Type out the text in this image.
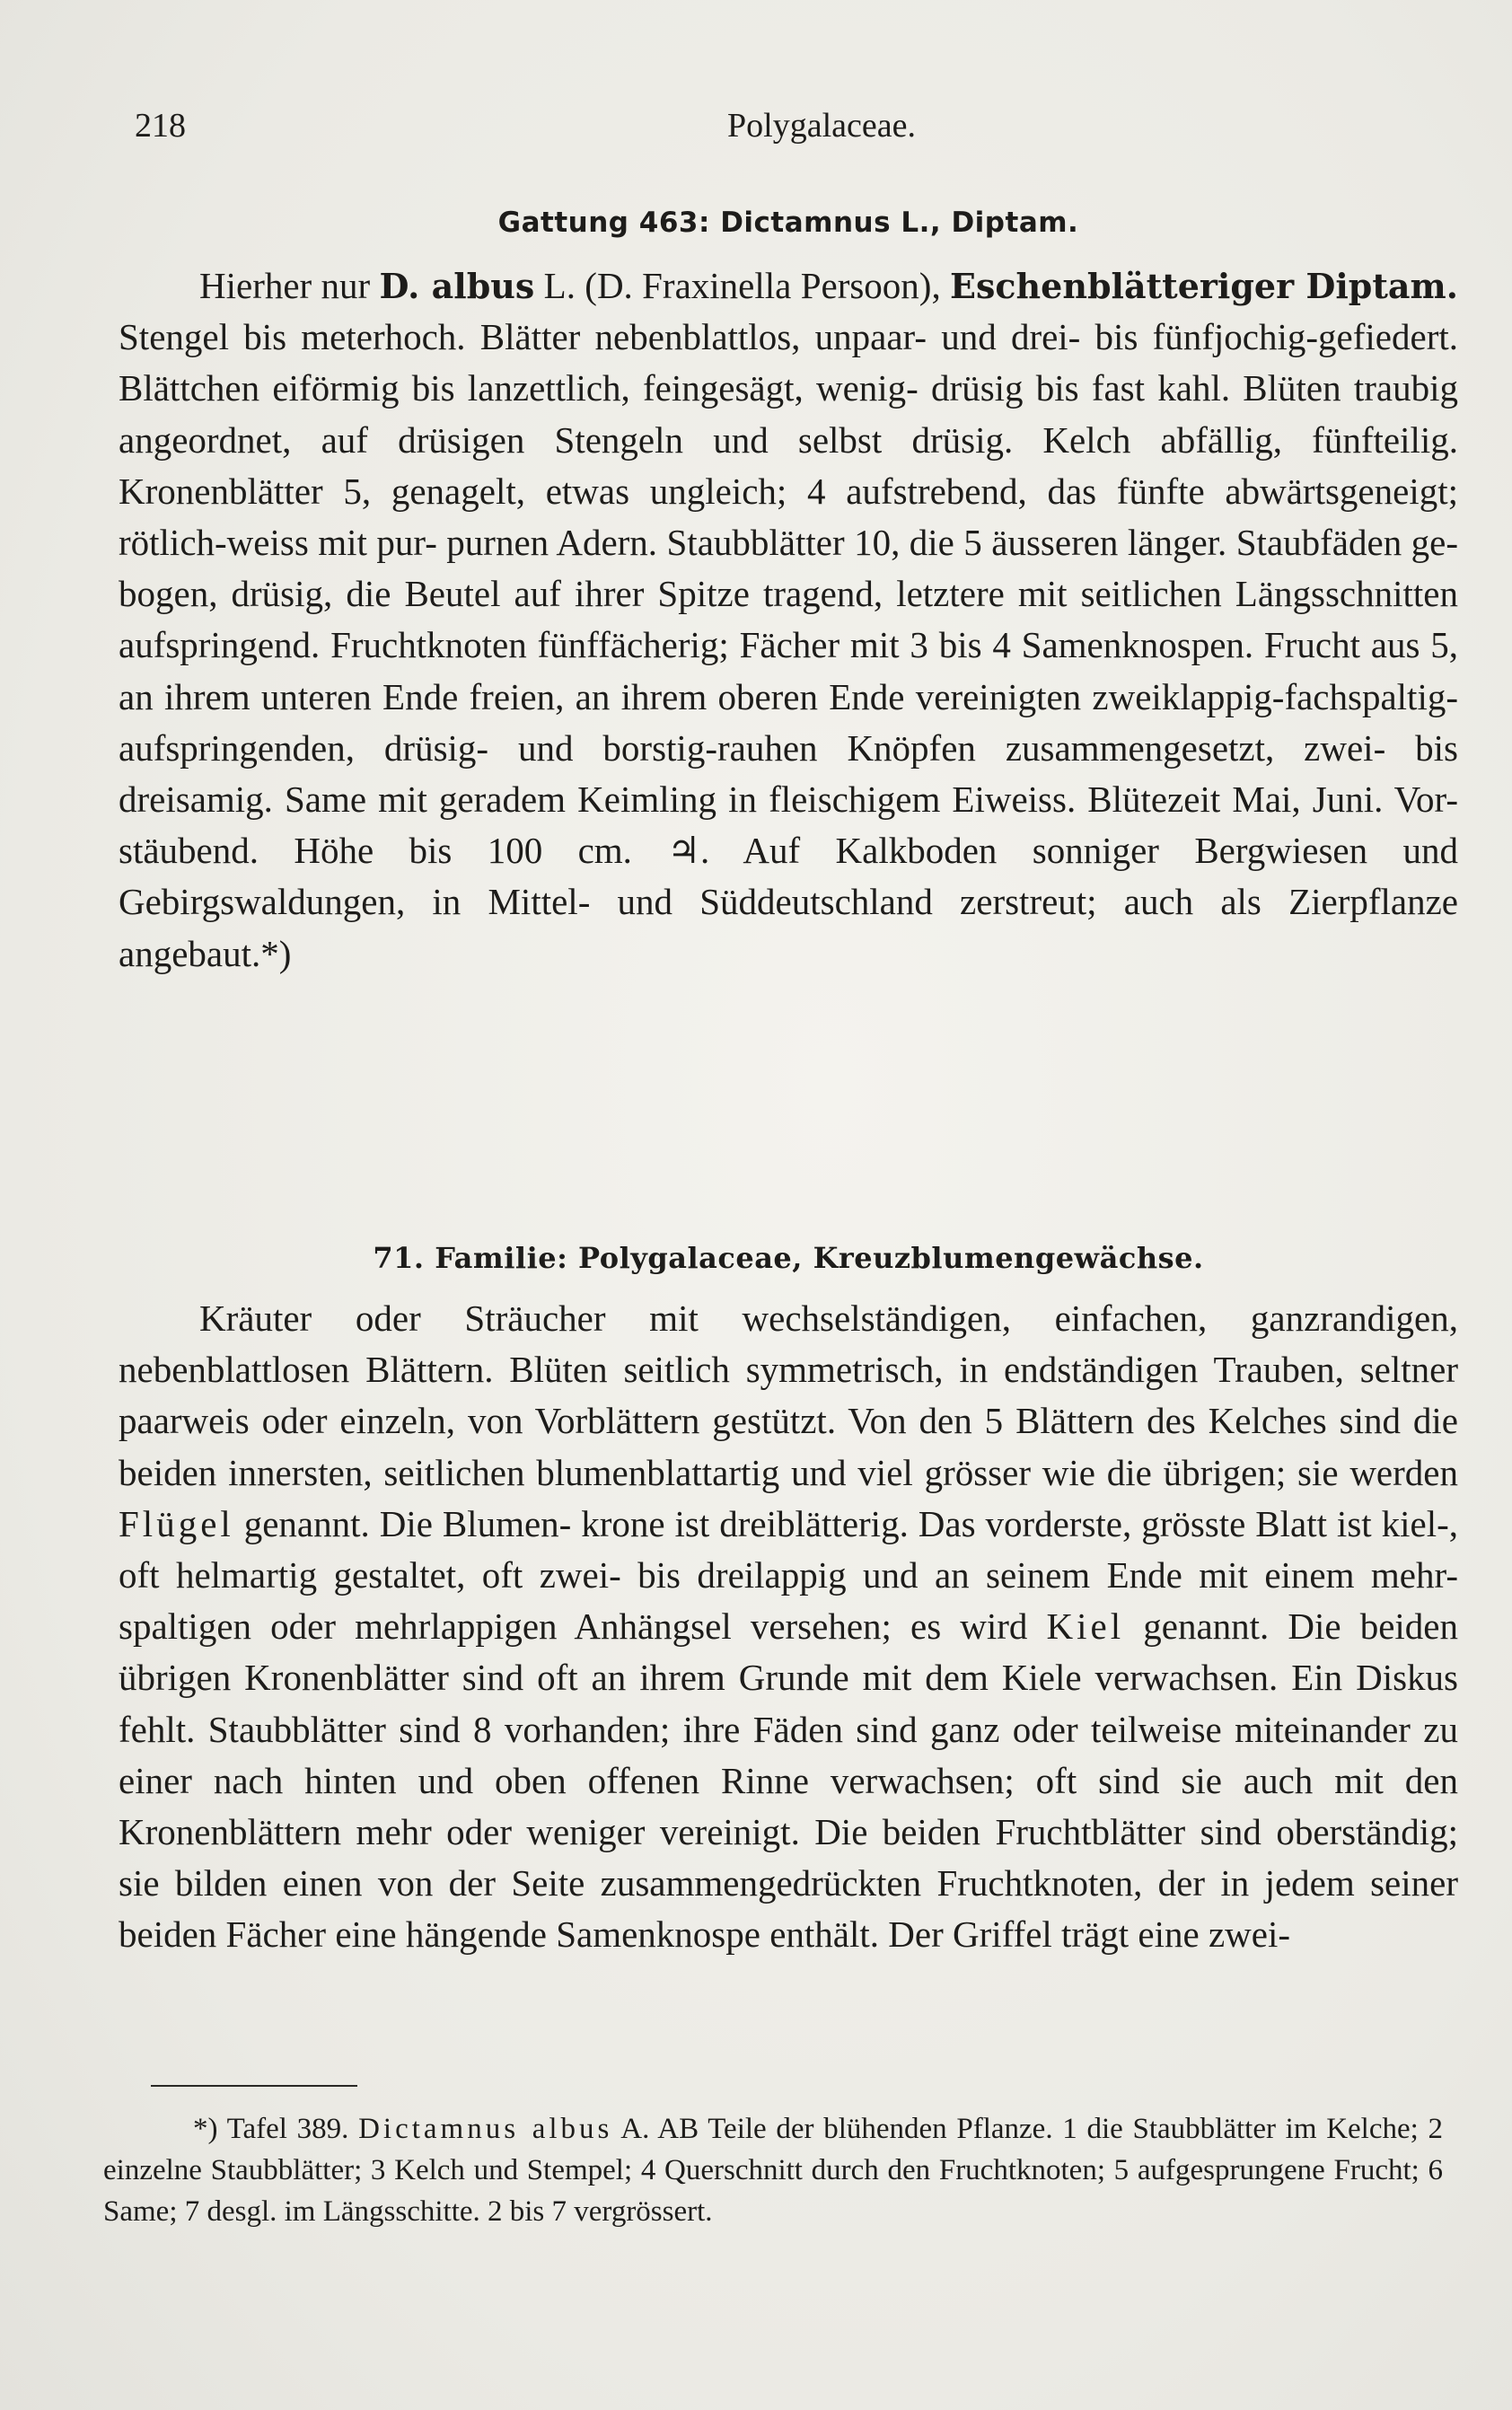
218	Polygalaceae.
Gattung 463: Dictamnus L., Diptam.

Hierher nur D. albus L. (D. Fraxinella Persoon), Eschenblätteriger Diptam. Stengel bis meterhoch. Blätter nebenblattlos, unpaar- und drei- bis fünfjochig-gefiedert. Blättchen eiförmig bis lanzettlich, feingesägt, wenig- drüsig bis fast kahl. Blüten traubig angeordnet, auf drüsigen Stengeln und selbst drüsig. Kelch abfällig, fünfteilig. Kronenblätter 5, genagelt, etwas ungleich; 4 aufstrebend, das fünfte abwärtsgeneigt; rötlich-weiss mit pur- purnen Adern. Staubblätter 10, die 5 äusseren länger. Staubfäden ge- bogen, drüsig, die Beutel auf ihrer Spitze tragend, letztere mit seitlichen Längsschnitten aufspringend. Fruchtknoten fünffächerig; Fächer mit 3 bis 4 Samenknospen. Frucht aus 5, an ihrem unteren Ende freien, an ihrem oberen Ende vereinigten zweiklappig-fachspaltig-aufspringenden, drüsig- und borstig-rauhen Knöpfen zusammengesetzt, zwei- bis dreisamig. Same mit geradem Keimling in fleischigem Eiweiss. Blütezeit Mai, Juni. Vor- stäubend. Höhe bis 100 cm. ♃. Auf Kalkboden sonniger Bergwiesen und Gebirgswaldungen, in Mittel- und Süddeutschland zerstreut; auch als Zierpflanze angebaut.*)

71. Familie: Polygalaceae, Kreuzblumengewächse.

Kräuter oder Sträucher mit wechselständigen, einfachen, ganzrandigen, nebenblattlosen Blättern. Blüten seitlich symmetrisch, in endständigen Trauben, seltner paarweis oder einzeln, von Vorblättern gestützt. Von den 5 Blättern des Kelches sind die beiden innersten, seitlichen blumenblattartig und viel grösser wie die übrigen; sie werden Flügel genannt. Die Blumen- krone ist dreiblätterig. Das vorderste, grösste Blatt ist kiel-, oft helmartig gestaltet, oft zwei- bis dreilappig und an seinem Ende mit einem mehr- spaltigen oder mehrlappigen Anhängsel versehen; es wird Kiel genannt. Die beiden übrigen Kronenblätter sind oft an ihrem Grunde mit dem Kiele verwachsen. Ein Diskus fehlt. Staubblätter sind 8 vorhanden; ihre Fäden sind ganz oder teilweise miteinander zu einer nach hinten und oben offenen Rinne verwachsen; oft sind sie auch mit den Kronenblättern mehr oder weniger vereinigt. Die beiden Fruchtblätter sind oberständig; sie bilden einen von der Seite zusammengedrückten Fruchtknoten, der in jedem seiner beiden Fächer eine hängende Samenknospe enthält. Der Griffel trägt eine zwei-

*) Tafel 389. Dictamnus albus A. AB Teile der blühenden Pflanze. 1 die Staubblätter im Kelche; 2 einzelne Staubblätter; 3 Kelch und Stempel; 4 Querschnitt durch den Fruchtknoten; 5 aufgesprungene Frucht; 6 Same; 7 desgl. im Längsschitte. 2 bis 7 vergrössert.
